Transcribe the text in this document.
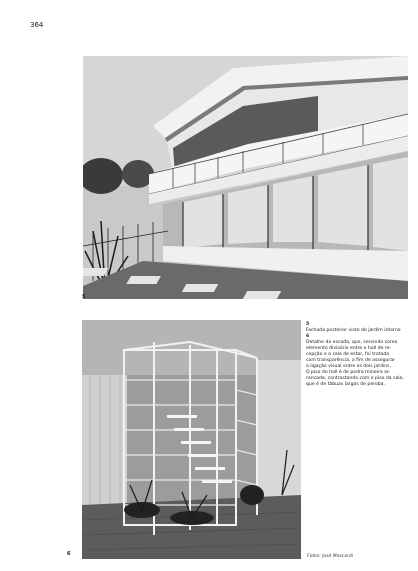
364
5
6
5
Fachada posterior visto do jardim interno
6
Detalhe da escada, que, servindo como
elemento divisório entre o hall de re-
cepção e a sala de estar, foi tratada
com transparência, a fim de assegurar
a ligação visual entre os dois jardins.
O piso do hall é de pedra mineira ar-
rancada, contrastando com o piso da sala,
que é de tábuas largas de peroba.
Fotos: José Moscardi
